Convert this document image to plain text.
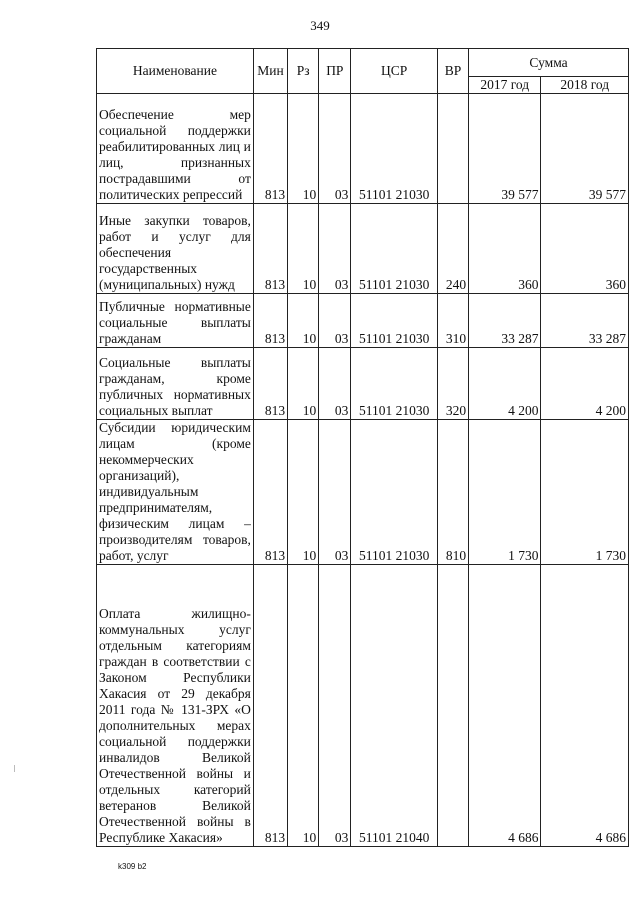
349
Наименование	Мин	Рз	ПР	ЦСР	ВР	Сумма	
						2017 год	2018 год
Обеспечение мер социальной поддержки реабилитированных лиц и лиц, признанных пострадавшими от политических репрессий	813	10	03	51101 21030		39 577	39 577
Иные закупки товаров, работ и услуг для обеспечения государственных (муниципальных) нужд	813	10	03	51101 21030	240	360	360
Публичные нормативные социальные выплаты гражданам	813	10	03	51101 21030	310	33 287	33 287
Социальные выплаты гражданам, кроме публичных нормативных социальных выплат	813	10	03	51101 21030	320	4 200	4 200
Субсидии юридическим лицам (кроме некоммерческих организаций), индивидуальным предпринимателям, физическим лицам – производителям товаров, работ, услуг	813	10	03	51101 21030	810	1 730	1 730
Оплата жилищно-коммунальных услуг отдельным категориям граждан в соответствии с Законом Республики Хакасия от 29 декабря 2011 года № 131-ЗРХ «О дополнительных мерах социальной поддержки инвалидов Великой Отечественной войны и отдельных категорий ветеранов Великой Отечественной войны в Республике Хакасия»	813	10	03	51101 21040		4 686	4 686
k309 b2
